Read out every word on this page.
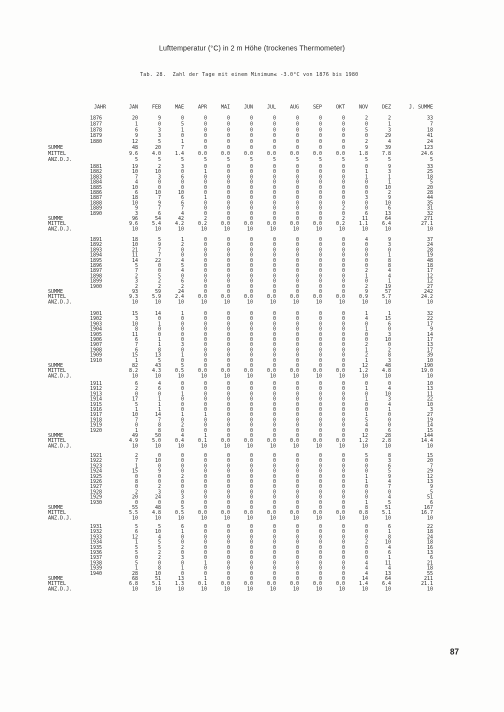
Lufttemperatur (°C) in 2 m Höhe (trockenes Thermometer)
Tab. 28.  Zahl der Tage mit einem Minimum≤ -3.0°C von 1876 bis 1980
JAHR	JAN	FEB	MAE	APR	MAI	JUN	JUL	AUG	SEP	OKT	NOV	DEZ	J. SUMME
1876	20	9	0	0	0	0	0	0	0	0	2	2	33
1877	1	0	5	0	0	0	0	0	0	0	0	1	7
1878	6	3	1	0	0	0	0	0	0	0	5	3	18
1879	9	3	0	0	0	0	0	0	0	0	0	29	41
1880	12	5	1	0	0	0	0	0	0	0	2	4	24
SUMME	48	20	7	0	0	0	0	0	0	0	9	39	123
MITTEL	9.6	4.0	1.4	0.0	0.0	0.0	0.0	0.0	0.0	0.0	1.8	7.8	24.6
ANZ.D.J.	5	5	5	5	5	5	5	5	5	5	5	5	5
1881	19	2	3	0	0	0	0	0	0	0	0	9	33
1882	10	10	0	1	0	0	0	0	0	0	1	3	25
1883	7	3	6	0	0	0	0	0	0	0	1	1	18
1884	4	0	0	0	0	0	0	0	0	0	0	1	5
1885	10	0	0	0	0	0	0	0	0	0	0	10	20
1886	6	10	10	0	0	0	0	0	0	0	0	2	28
1887	18	7	6	1	0	0	0	0	0	0	3	9	44
1888	10	9	6	0	0	0	0	0	0	0	0	10	35
1889	9	7	7	0	0	0	0	0	0	2	0	6	31
1890	3	6	4	0	0	0	0	0	0	0	6	13	32
SUMME	96	54	42	2	0	0	0	0	0	2	11	64	271
MITTEL	9.6	5.4	4.2	0.2	0.0	0.0	0.0	0.0	0.0	0.2	1.1	6.4	27.1
ANZ.D.J.	10	10	10	10	10	10	10	10	10	10	10	10	10
1891	18	5	1	0	0	0	0	0	0	0	4	9	37
1892	10	9	2	0	0	0	0	0	0	0	0	3	24
1893	21	7	0	0	0	0	0	0	0	0	0	0	28
1894	11	7	0	0	0	0	0	0	0	0	0	1	19
1895	14	22	4	0	0	0	0	0	0	0	0	8	48
1896	5	0	5	0	0	0	0	0	0	0	0	8	18
1897	7	0	4	0	0	0	0	0	0	0	2	4	17
1898	2	5	0	0	0	0	0	0	0	0	1	4	12
1899	3	2	6	0	0	0	0	0	0	0	0	1	12
1900	2	2	2	0	0	0	0	0	0	0	2	19	27
SUMME	93	59	24	0	0	0	0	0	0	0	9	57	242
MITTEL	9.3	5.9	2.4	0.0	0.0	0.0	0.0	0.0	0.0	0.0	0.9	5.7	24.2
ANZ.D.J.	10	10	10	10	10	10	10	10	10	10	10	10	10
1901	15	14	1	0	0	0	0	0	0	0	1	1	32
1902	3	0	0	0	0	0	0	0	0	0	4	15	22
1903	10	1	0	0	0	0	0	0	0	0	0	6	17
1904	8	0	0	0	0	0	0	0	0	0	1	0	9
1905	11	0	0	0	0	0	0	0	0	0	0	3	14
1906	6	1	0	0	0	0	0	0	0	0	0	10	17
1907	7	1	3	0	0	0	0	0	0	0	2	0	13
1908	6	8	0	0	0	0	0	0	0	0	1	2	17
1909	15	13	1	0	0	0	0	0	0	0	2	8	39
1910	1	5	0	0	0	0	0	0	0	0	1	3	10
SUMME	82	43	5	0	0	0	0	0	0	0	12	48	190
MITTEL	8.2	4.3	0.5	0.0	0.0	0.0	0.0	0.0	0.0	0.0	1.2	4.8	19.0
ANZ.D.J.	10	10	10	10	10	10	10	10	10	10	10	10	10
1911	6	4	0	0	0	0	0	0	0	0	0	0	10
1912	2	6	0	0	0	0	0	0	0	0	1	4	13
1913	0	0	1	0	0	0	0	0	0	0	0	10	11
1914	17	1	0	0	0	0	0	0	0	0	1	3	22
1915	5	1	0	0	0	0	0	0	0	0	0	4	10
1916	1	1	0	0	0	0	0	0	0	0	0	1	3
1917	10	14	1	1	0	0	0	0	0	0	1	0	27
1918	7	7	0	0	0	0	0	0	0	0	5	0	19
1919	0	8	2	0	0	0	0	0	0	0	4	0	14
1920	1	8	0	0	0	0	0	0	0	0	0	6	15
SUMME	49	50	4	1	0	0	0	0	0	0	12	28	144
MITTEL	4.9	5.0	0.4	0.1	0.0	0.0	0.0	0.0	0.0	0.0	1.2	2.8	14.4
ANZ.D.J.	10	10	10	10	10	10	10	10	10	10	10	10	10
1921	2	0	0	0	0	0	0	0	0	0	5	8	15
1922	7	10	0	0	0	0	0	0	0	0	0	3	20
1923	1	0	0	0	0	0	0	0	0	0	0	6	7
1924	15	9	0	0	0	0	0	0	0	0	0	5	29
1925	0	0	2	0	0	0	0	0	0	0	1	9	12
1926	8	0	0	0	0	0	0	0	0	0	1	4	13
1927	0	2	0	0	0	0	0	0	0	0	0	7	9
1928	2	3	0	0	0	0	0	0	0	0	0	0	5
1929	20	24	3	0	0	0	0	0	0	0	0	4	51
1930	0	0	0	0	0	0	0	0	0	0	1	5	6
SUMME	55	48	5	0	0	0	0	0	0	0	8	51	167
MITTEL	5.5	4.8	0.5	0.0	0.0	0.0	0.0	0.0	0.0	0.0	0.8	5.1	16.7
ANZ.D.J.	10	10	10	10	10	10	10	10	10	10	10	10	10
1931	5	5	6	0	0	0	0	0	0	0	0	6	22
1932	6	10	1	0	0	0	0	0	0	0	0	1	18
1933	12	4	0	0	0	0	0	0	0	0	0	8	24
1934	1	5	0	0	0	0	0	0	0	0	2	10	18
1935	5	5	2	0	0	0	0	0	0	0	0	4	16
1936	5	2	0	0	0	0	0	0	0	0	0	6	13
1937	0	2	3	0	0	0	0	0	0	0	0	1	6
1938	5	0	0	1	0	0	0	0	0	0	4	11	21
1939	1	8	1	0	0	0	0	0	0	0	4	4	18
1940	28	10	0	0	0	0	0	0	0	0	4	13	55
SUMME	68	51	13	1	0	0	0	0	0	0	14	64	211
MITTEL	6.8	5.1	1.3	0.1	0.0	0.0	0.0	0.0	0.0	0.0	1.4	6.4	21.1
ANZ.D.J.	10	10	10	10	10	10	10	10	10	10	10	10	10
87
